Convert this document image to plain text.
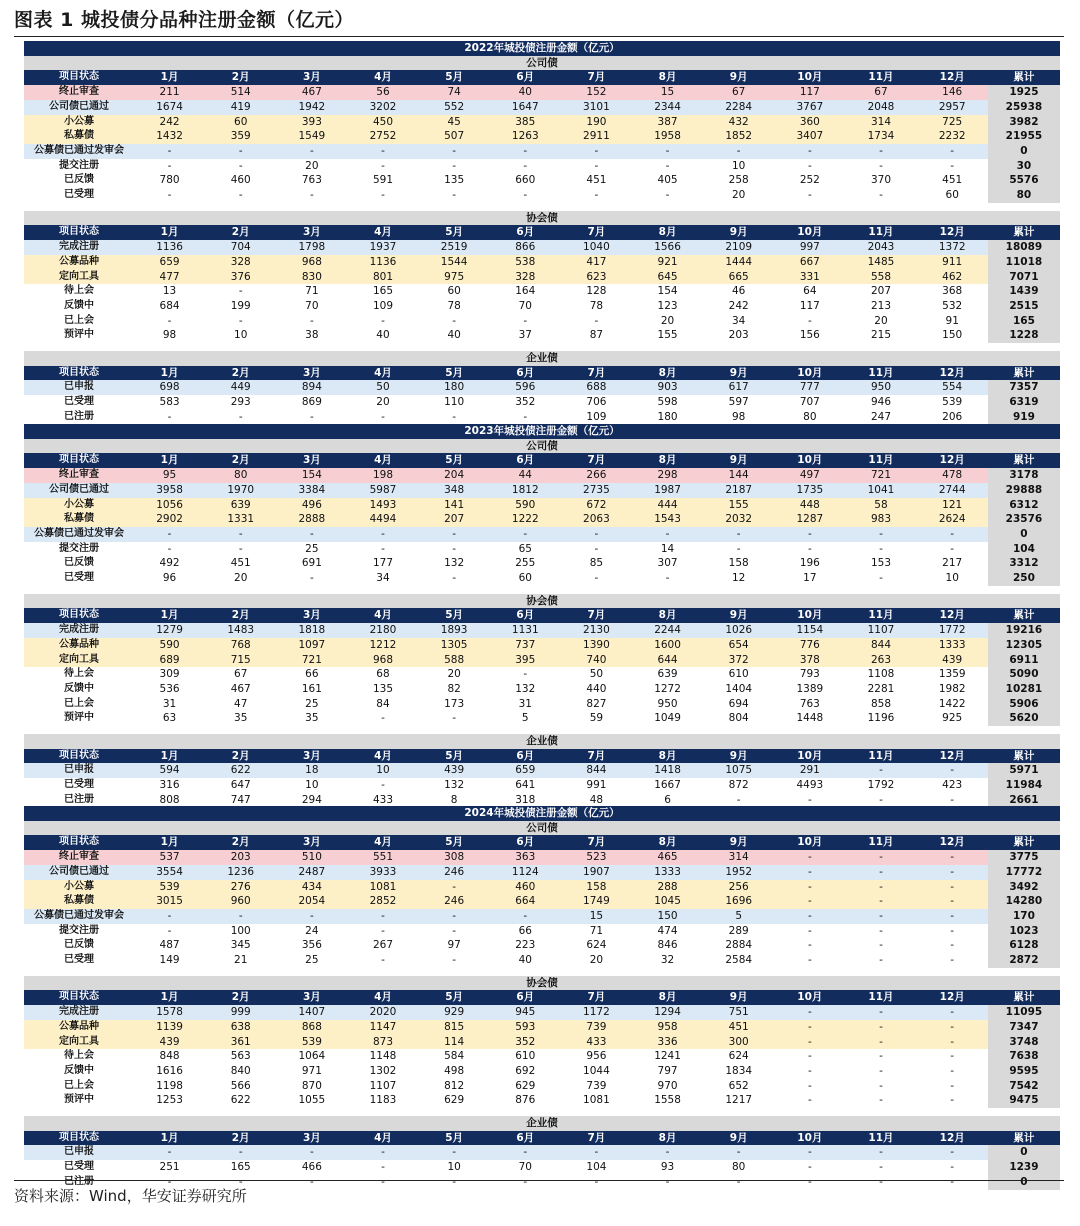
图表 1 城投债分品种注册金额（亿元）
2022年城投债注册金额（亿元）													
公司债													
项目状态	1月	2月	3月	4月	5月	6月	7月	8月	9月	10月	11月	12月	累计
终止审查	211	514	467	56	74	40	152	15	67	117	67	146	1925
公司债已通过	1674	419	1942	3202	552	1647	3101	2344	2284	3767	2048	2957	25938
小公募	242	60	393	450	45	385	190	387	432	360	314	725	3982
私募债	1432	359	1549	2752	507	1263	2911	1958	1852	3407	1734	2232	21955
公募债已通过发审会	-	-	-	-	-	-	-	-	-	-	-	-	0
提交注册	-	-	20	-	-	-	-	-	10	-	-	-	30
已反馈	780	460	763	591	135	660	451	405	258	252	370	451	5576
已受理	-	-	-	-	-	-	-	-	20	-	-	60	80

协会债													
项目状态	1月	2月	3月	4月	5月	6月	7月	8月	9月	10月	11月	12月	累计
完成注册	1136	704	1798	1937	2519	866	1040	1566	2109	997	2043	1372	18089
公募品种	659	328	968	1136	1544	538	417	921	1444	667	1485	911	11018
定向工具	477	376	830	801	975	328	623	645	665	331	558	462	7071
待上会	13	-	71	165	60	164	128	154	46	64	207	368	1439
反馈中	684	199	70	109	78	70	78	123	242	117	213	532	2515
已上会	-	-	-	-	-	-	-	20	34	-	20	91	165
预评中	98	10	38	40	40	37	87	155	203	156	215	150	1228

企业债													
项目状态	1月	2月	3月	4月	5月	6月	7月	8月	9月	10月	11月	12月	累计
已申报	698	449	894	50	180	596	688	903	617	777	950	554	7357
已受理	583	293	869	20	110	352	706	598	597	707	946	539	6319
已注册	-	-	-	-	-	-	109	180	98	80	247	206	919
2023年城投债注册金额（亿元）													
公司债													
项目状态	1月	2月	3月	4月	5月	6月	7月	8月	9月	10月	11月	12月	累计
终止审查	95	80	154	198	204	44	266	298	144	497	721	478	3178
公司债已通过	3958	1970	3384	5987	348	1812	2735	1987	2187	1735	1041	2744	29888
小公募	1056	639	496	1493	141	590	672	444	155	448	58	121	6312
私募债	2902	1331	2888	4494	207	1222	2063	1543	2032	1287	983	2624	23576
公募债已通过发审会	-	-	-	-	-	-	-	-	-	-	-	-	0
提交注册	-	-	25	-	-	65	-	14	-	-	-	-	104
已反馈	492	451	691	177	132	255	85	307	158	196	153	217	3312
已受理	96	20	-	34	-	60	-	-	12	17	-	10	250

协会债													
项目状态	1月	2月	3月	4月	5月	6月	7月	8月	9月	10月	11月	12月	累计
完成注册	1279	1483	1818	2180	1893	1131	2130	2244	1026	1154	1107	1772	19216
公募品种	590	768	1097	1212	1305	737	1390	1600	654	776	844	1333	12305
定向工具	689	715	721	968	588	395	740	644	372	378	263	439	6911
待上会	309	67	66	68	20	-	50	639	610	793	1108	1359	5090
反馈中	536	467	161	135	82	132	440	1272	1404	1389	2281	1982	10281
已上会	31	47	25	84	173	31	827	950	694	763	858	1422	5906
预评中	63	35	35	-	-	5	59	1049	804	1448	1196	925	5620

企业债													
项目状态	1月	2月	3月	4月	5月	6月	7月	8月	9月	10月	11月	12月	累计
已申报	594	622	18	10	439	659	844	1418	1075	291	-	-	5971
已受理	316	647	10	-	132	641	991	1667	872	4493	1792	423	11984
已注册	808	747	294	433	8	318	48	6	-	-	-	-	2661
2024年城投债注册金额（亿元）													
公司债													
项目状态	1月	2月	3月	4月	5月	6月	7月	8月	9月	10月	11月	12月	累计
终止审查	537	203	510	551	308	363	523	465	314	-	-	-	3775
公司债已通过	3554	1236	2487	3933	246	1124	1907	1333	1952	-	-	-	17772
小公募	539	276	434	1081	-	460	158	288	256	-	-	-	3492
私募债	3015	960	2054	2852	246	664	1749	1045	1696	-	-	-	14280
公募债已通过发审会	-	-	-	-	-	-	15	150	5	-	-	-	170
提交注册	-	100	24	-	-	66	71	474	289	-	-	-	1023
已反馈	487	345	356	267	97	223	624	846	2884	-	-	-	6128
已受理	149	21	25	-	-	40	20	32	2584	-	-	-	2872

协会债													
项目状态	1月	2月	3月	4月	5月	6月	7月	8月	9月	10月	11月	12月	累计
完成注册	1578	999	1407	2020	929	945	1172	1294	751	-	-	-	11095
公募品种	1139	638	868	1147	815	593	739	958	451	-	-	-	7347
定向工具	439	361	539	873	114	352	433	336	300	-	-	-	3748
待上会	848	563	1064	1148	584	610	956	1241	624	-	-	-	7638
反馈中	1616	840	971	1302	498	692	1044	797	1834	-	-	-	9595
已上会	1198	566	870	1107	812	629	739	970	652	-	-	-	7542
预评中	1253	622	1055	1183	629	876	1081	1558	1217	-	-	-	9475

企业债													
项目状态	1月	2月	3月	4月	5月	6月	7月	8月	9月	10月	11月	12月	累计
已申报	-	-	-	-	-	-	-	-	-	-	-	-	0
已受理	251	165	466	-	10	70	104	93	80	-	-	-	1239
已注册	-	-	-	-	-	-	-	-	-	-	-	-	0
资料来源：Wind，华安证券研究所
